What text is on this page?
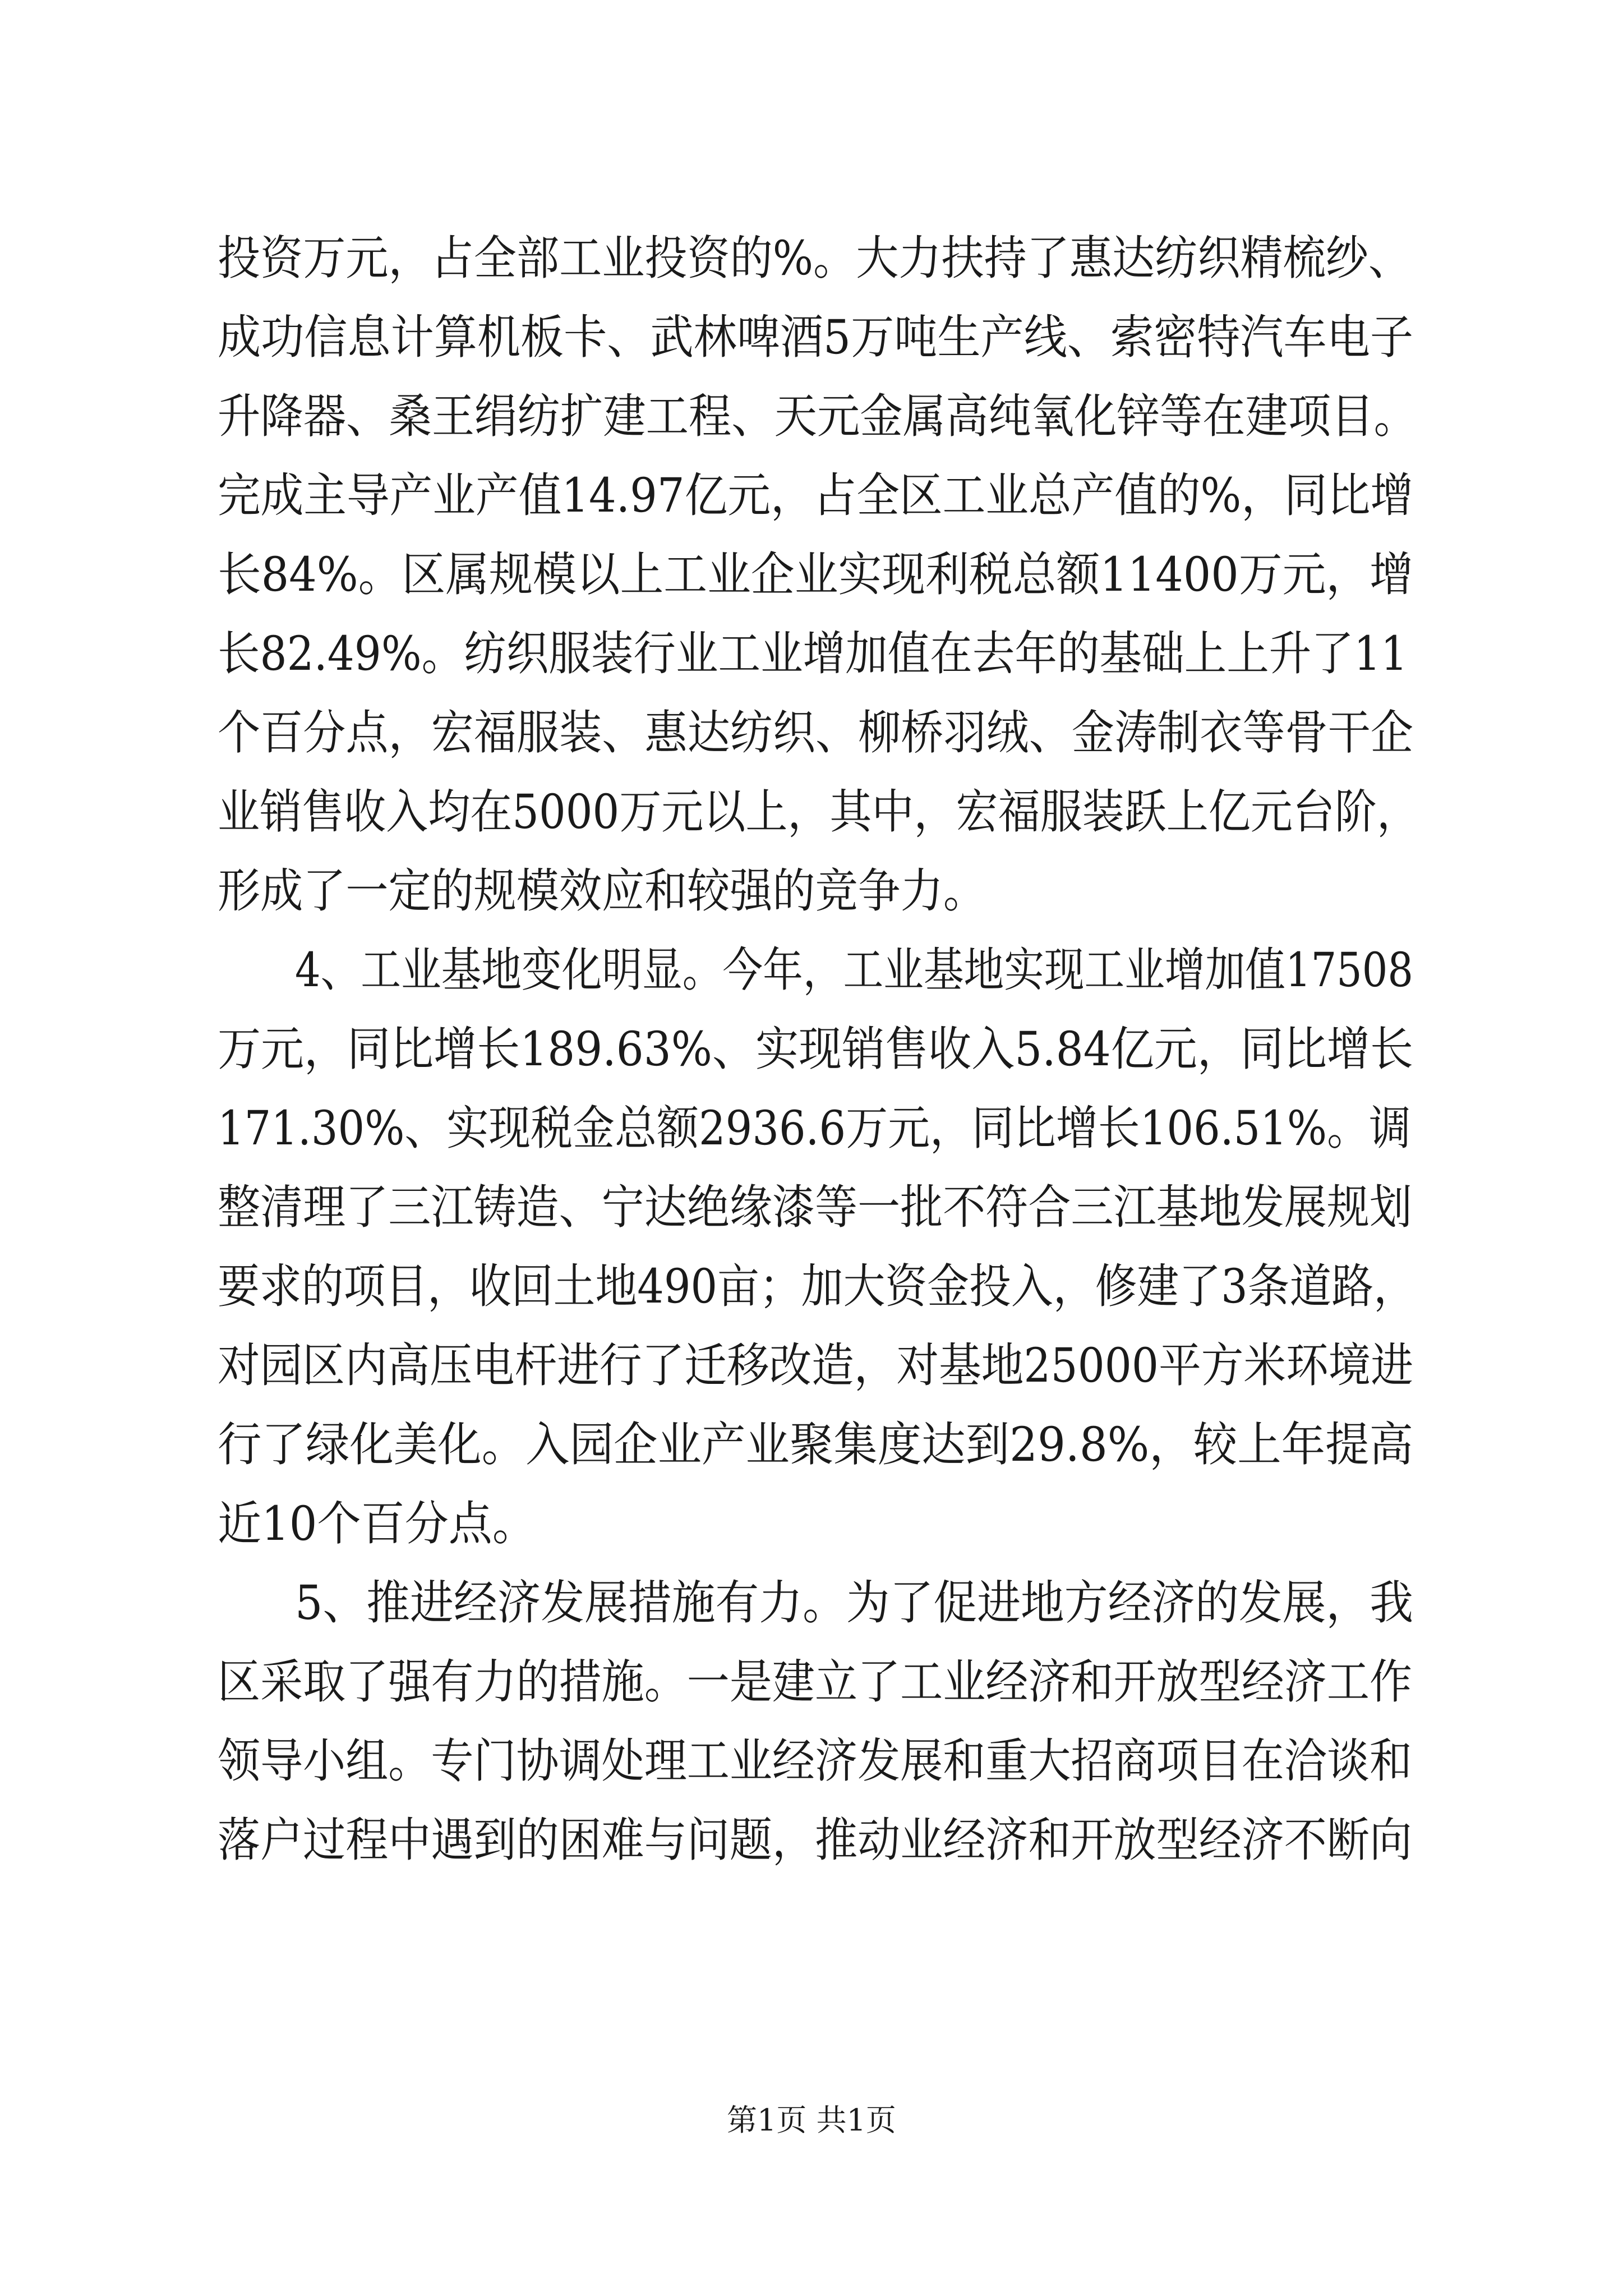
投资万元，占全部工业投资的%。大力扶持了惠达纺织精梳纱、
成功信息计算机板卡、武林啤酒5万吨生产线、索密特汽车电子
升降器、桑王绢纺扩建工程、天元金属高纯氧化锌等在建项目。
完成主导产业产值14.97亿元，占全区工业总产值的%，同比增
长84%。区属规模以上工业企业实现利税总额11400万元，增
长82.49%。纺织服装行业工业增加值在去年的基础上上升了11
个百分点，宏福服装、惠达纺织、柳桥羽绒、金涛制衣等骨干企
业销售收入均在5000万元以上，其中，宏福服装跃上亿元台阶，
形成了一定的规模效应和较强的竞争力。
4、工业基地变化明显。今年，工业基地实现工业增加值17508
万元，同比增长189.63%、实现销售收入5.84亿元，同比增长
171.30%、实现税金总额2936.6万元，同比增长106.51%。调
整清理了三江铸造、宁达绝缘漆等一批不符合三江基地发展规划
要求的项目，收回土地490亩；加大资金投入，修建了3条道路，
对园区内高压电杆进行了迁移改造，对基地25000平方米环境进
行了绿化美化。入园企业产业聚集度达到29.8%，较上年提高
近10个百分点。
5、推进经济发展措施有力。为了促进地方经济的发展，我
区采取了强有力的措施。一是建立了工业经济和开放型经济工作
领导小组。专门协调处理工业经济发展和重大招商项目在洽谈和
落户过程中遇到的困难与问题，推动业经济和开放型经济不断向
第1页 共1页
